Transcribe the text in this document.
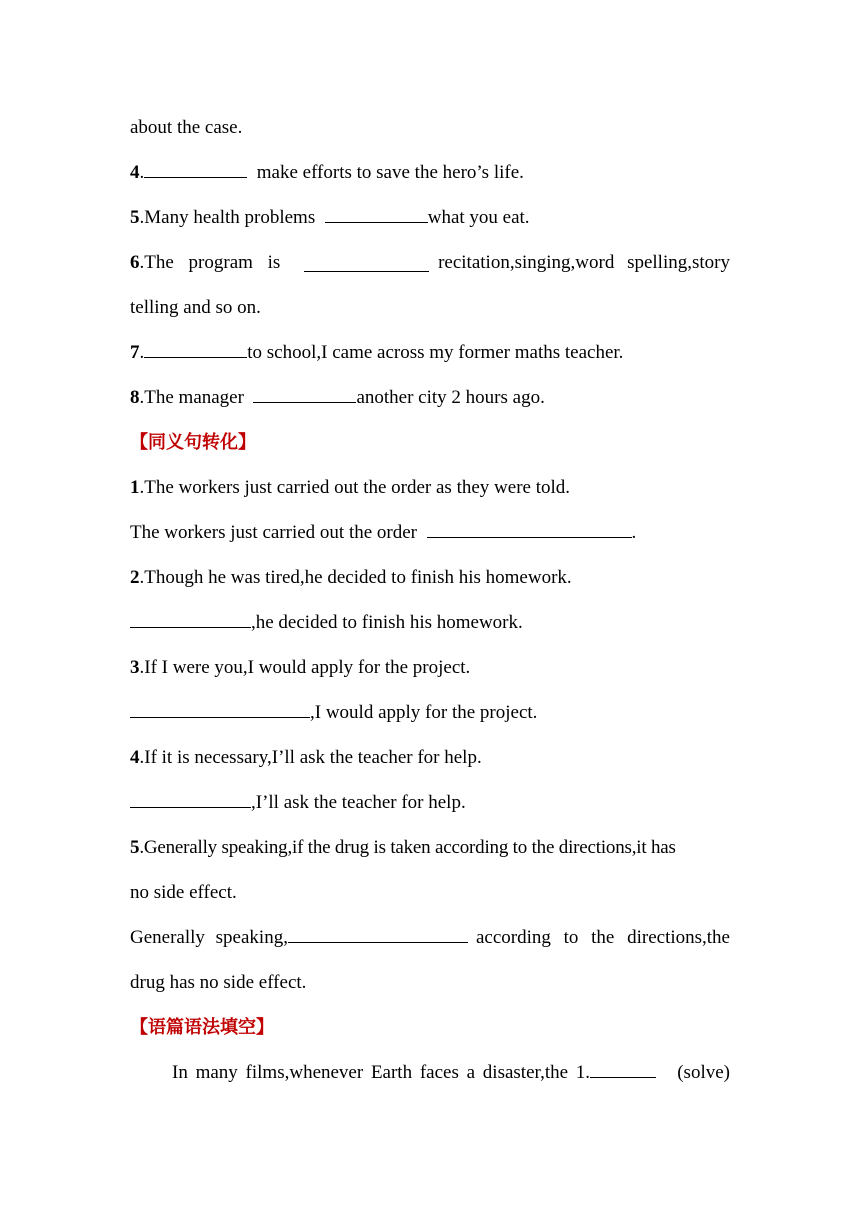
about the case.
4.	make efforts to save the hero’s life.
5.Many health problems	what you eat.
6.The program is	recitation,singing,word spelling,story
telling and so on.
7.	to school,I came across my former maths teacher.
8.The manager	another city 2 hours ago.
【同义句转化】
1.The workers just carried out the order as they were told.
The workers just carried out the order	.
2.Though he was tired,he decided to finish his homework.
,he decided to finish his homework.
3.If I were you,I would apply for the project.
,I would apply for the project.
4.If it is necessary,I’ll ask the teacher for help.
,I’ll ask the teacher for help.
5.Generally speaking,if the drug is taken according to the directions,it has
no side effect.
Generally speaking,	according to the directions,the
drug has no side effect.
【语篇语法填空】
In many films,whenever Earth faces a disaster,the 1.	(solve)
